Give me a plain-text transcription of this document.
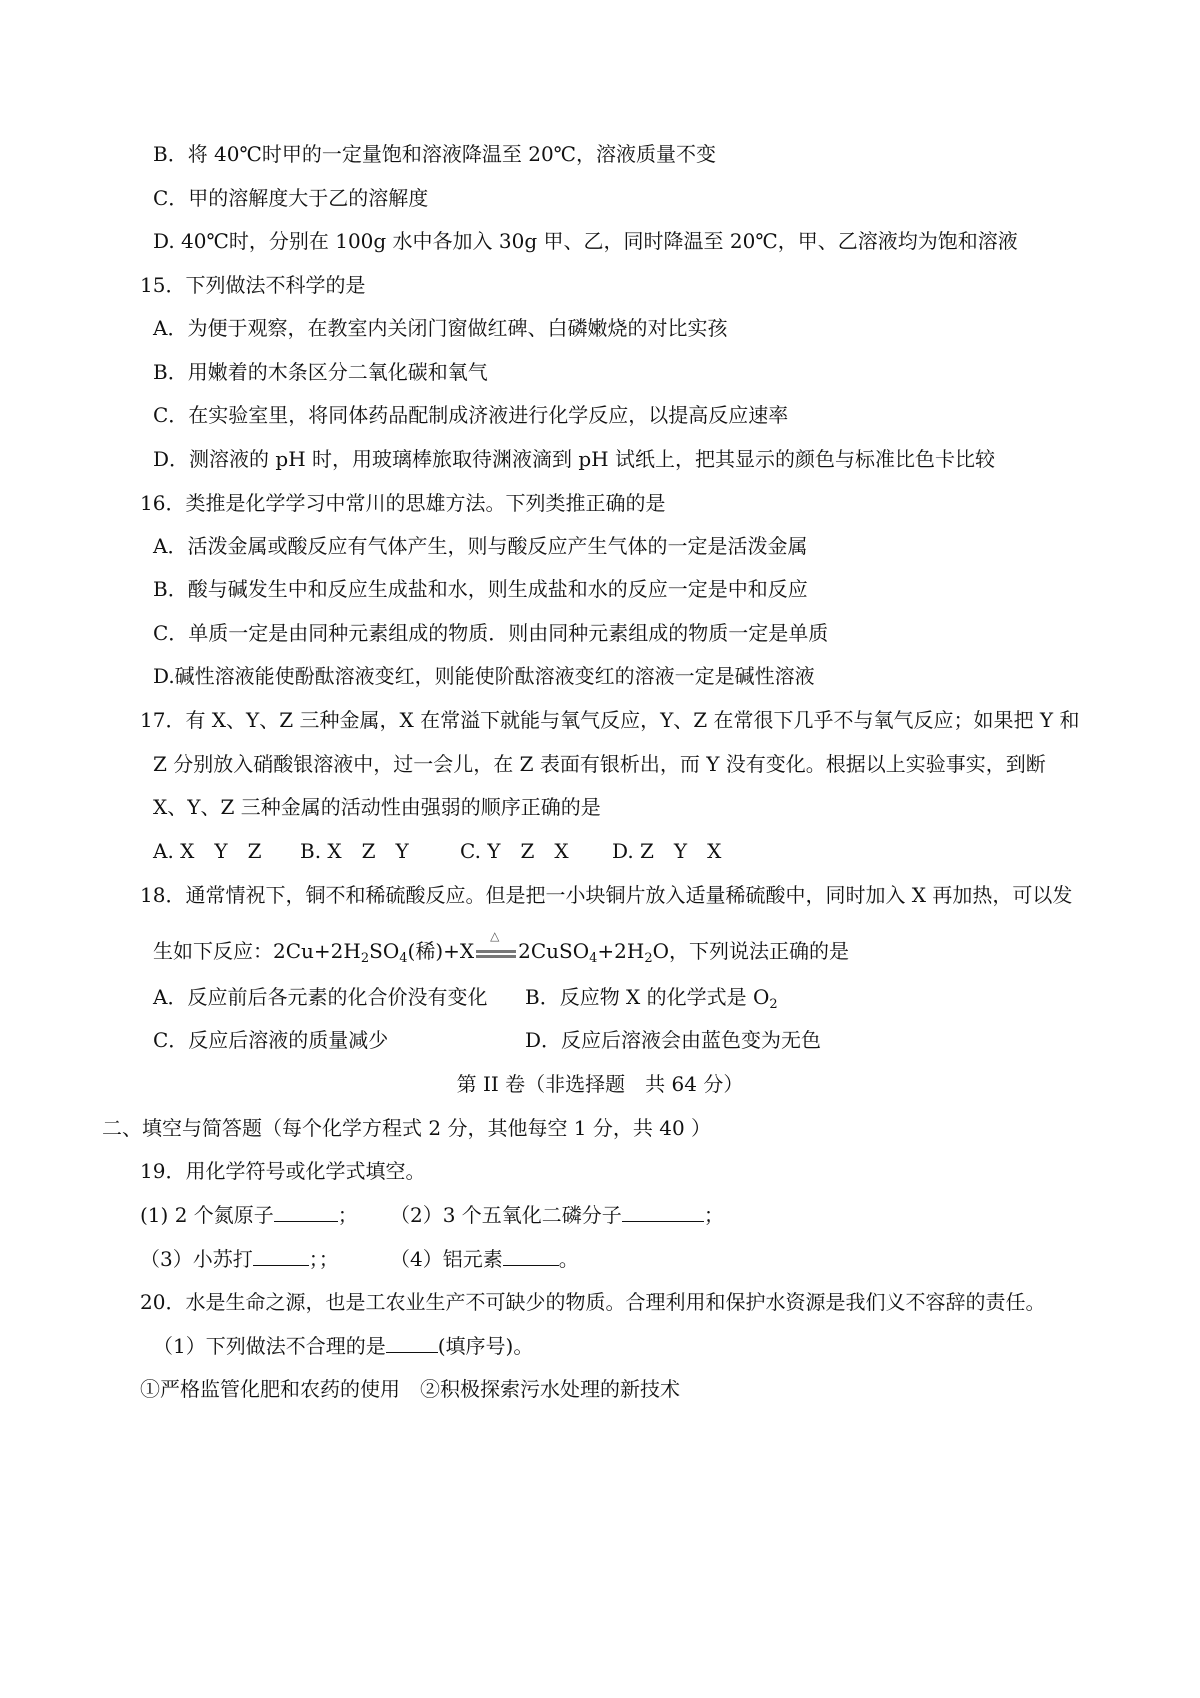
B．将 40℃时甲的一定量饱和溶液降温至 20℃，溶液质量不变
C．甲的溶解度大于乙的溶解度
D. 40℃时，分别在 100g 水中各加入 30g 甲、乙，同时降温至 20℃，甲、乙溶液均为饱和溶液
15．下列做法不科学的是
A．为便于观察，在教室内关闭门窗做红碑、白磷嫩烧的对比实孩
B．用嫩着的木条区分二氧化碳和氧气
C．在实验室里，将同体药品配制成济液进行化学反应，以提高反应速率
D．测溶液的 pH 时，用玻璃棒旅取待渊液滴到 pH 试纸上，把其显示的颜色与标准比色卡比较
16．类推是化学学习中常川的思雄方法。下列类推正确的是
A．活泼金属或酸反应有气体产生，则与酸反应产生气体的一定是活泼金属
B．酸与碱发生中和反应生成盐和水，则生成盐和水的反应一定是中和反应
C．单质一定是由同种元素组成的物质．则由同种元素组成的物质一定是单质
D.碱性溶液能使酚酞溶液变红，则能使阶酞溶液变红的溶液一定是碱性溶液
17．有 X、Y、Z 三种金属，X 在常溢下就能与氧气反应，Y、Z 在常很下几乎不与氧气反应；如果把 Y 和
Z 分别放入硝酸银溶液中，过一会儿，在 Z 表面有银析出，而 Y 没有变化。根据以上实验事实，到断
X、Y、Z 三种金属的活动性由强弱的顺序正确的是
A. X　Y　Z B. X　Z　Y	C. Y　Z　X D. Z　Y　X
18．通常情祝下，铜不和稀硫酸反应。但是把一小块铜片放入适量稀硫酸中，同时加入 X 再加热，可以发
生如下反应：$2Cu+2H_2SO_4$(稀)+X
△
$2CuSO_4+2H_2O$，下列说法正确的是
A．反应前后各元素的化合价没有变化 B．反应物 X 的化学式是 $O_2$
C．反应后溶液的质量减少	D．反应后溶液会由蓝色变为无色
第 II 卷（非选择题　共 64 分）
二、填空与简答题（每个化学方程式 2 分，其他每空 1 分，共 40 ）
19．用化学符号或化学式填空。
(1) 2 个氮原子	； （2）3 个五氧化二磷分子	；
（3）小苏打	；；	（4）铝元素	。
20．水是生命之源，也是工农业生产不可缺少的物质。合理利用和保护水资源是我们义不容辞的责任。
（1）下列做法不合理的是	(填序号)。
①严格监管化肥和农药的使用　②积极探索污水处理的新技术
